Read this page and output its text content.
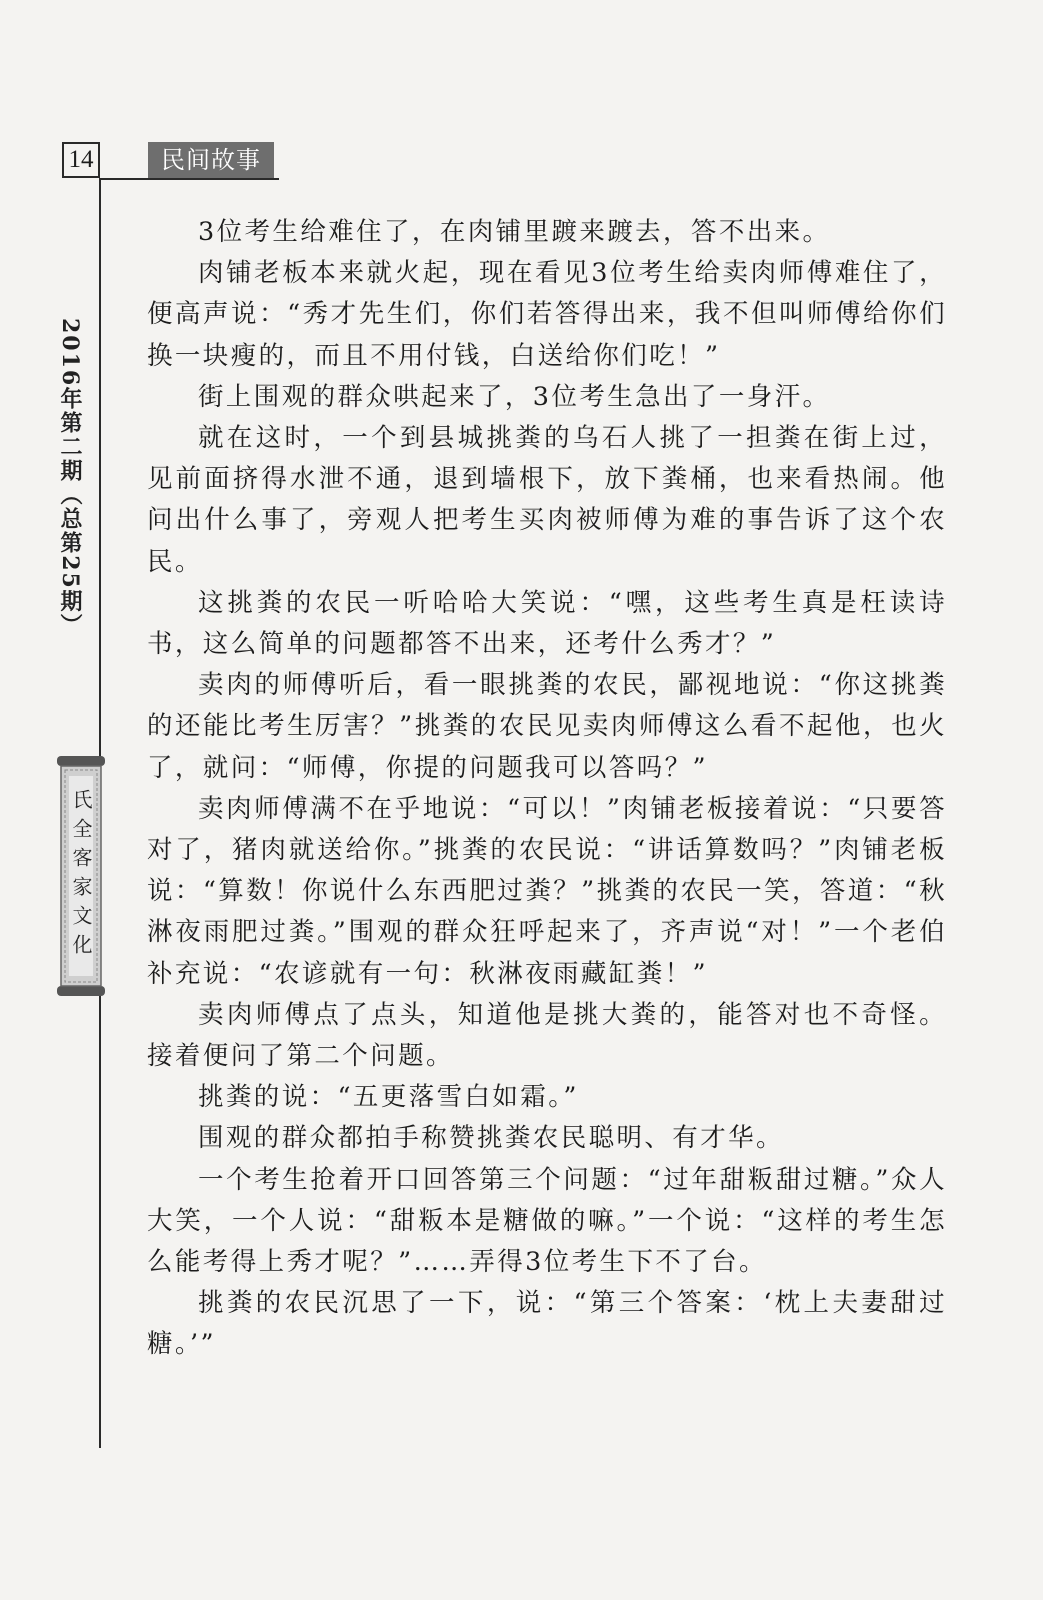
14	民间故事
2016年第二期（总第25期）
氏全客家文化

3位考生给难住了，在肉铺里踱来踱去，答不出来。

肉铺老板本来就火起，现在看见3位考生给卖肉师傅难住了，便高声说：“秀才先生们，你们若答得出来，我不但叫师傅给你们换一块瘦的，而且不用付钱，白送给你们吃！”

街上围观的群众哄起来了，3位考生急出了一身汗。

就在这时，一个到县城挑粪的乌石人挑了一担粪在街上过，见前面挤得水泄不通，退到墙根下，放下粪桶，也来看热闹。他问出什么事了，旁观人把考生买肉被师傅为难的事告诉了这个农民。

这挑粪的农民一听哈哈大笑说：“嘿，这些考生真是枉读诗书，这么简单的问题都答不出来，还考什么秀才？”

卖肉的师傅听后，看一眼挑粪的农民，鄙视地说：“你这挑粪的还能比考生厉害？”挑粪的农民见卖肉师傅这么看不起他，也火了，就问：“师傅，你提的问题我可以答吗？”

卖肉师傅满不在乎地说：“可以！”肉铺老板接着说：“只要答对了，猪肉就送给你。”挑粪的农民说：“讲话算数吗？”肉铺老板说：“算数！你说什么东西肥过粪？”挑粪的农民一笑，答道：“秋淋夜雨肥过粪。”围观的群众狂呼起来了，齐声说“对！”一个老伯补充说：“农谚就有一句：秋淋夜雨藏缸粪！”

卖肉师傅点了点头，知道他是挑大粪的，能答对也不奇怪。接着便问了第二个问题。

挑粪的说：“五更落雪白如霜。”

围观的群众都拍手称赞挑粪农民聪明、有才华。

一个考生抢着开口回答第三个问题：“过年甜粄甜过糖。”众人大笑，一个人说：“甜粄本是糖做的嘛。”一个说：“这样的考生怎么能考得上秀才呢？”……弄得3位考生下不了台。

挑粪的农民沉思了一下，说：“第三个答案：‘枕上夫妻甜过糖。’”
